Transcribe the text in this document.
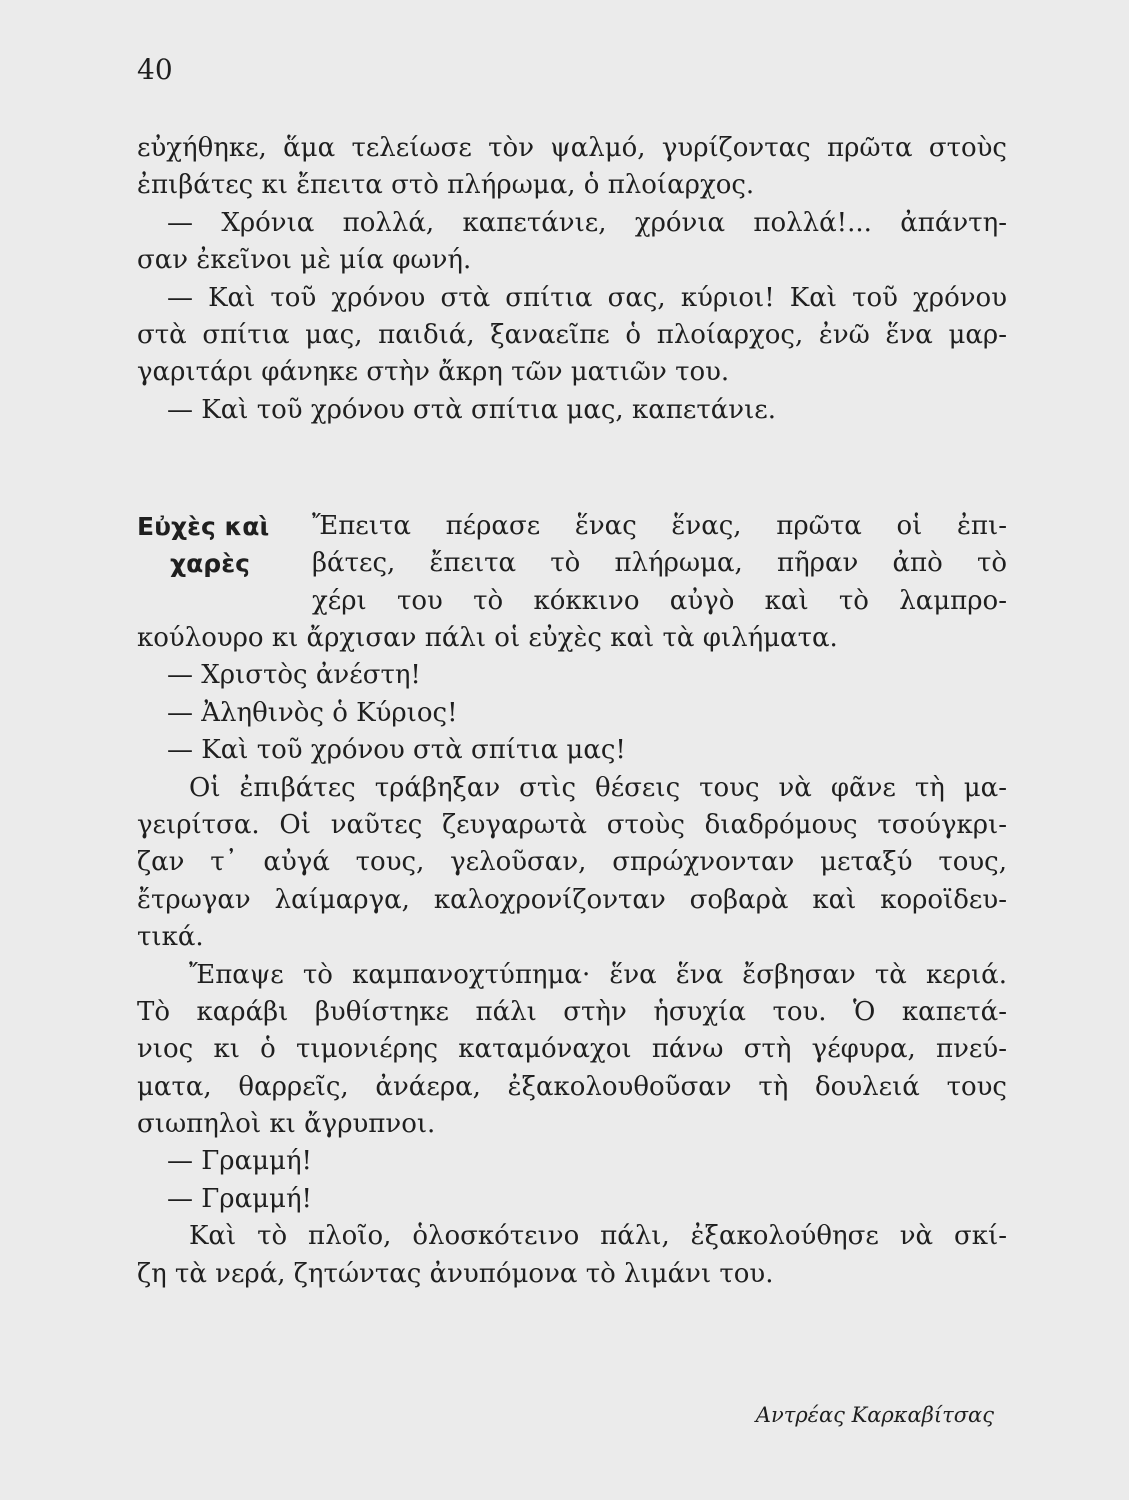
40
εὐχήθηκε, ἅμα τελείωσε τὸν ψαλμό, γυρίζοντας πρῶτα στοὺς
ἐπιβάτες κι ἔπειτα στὸ πλήρωμα, ὁ πλοίαρχος.
— Χρόνια πολλά, καπετάνιε, χρόνια πολλά!... ἀπάντη-
σαν ἐκεῖνοι μὲ μία φωνή.
— Καὶ τοῦ χρόνου στὰ σπίτια σας, κύριοι! Καὶ τοῦ χρόνου
στὰ σπίτια μας, παιδιά, ξαναεῖπε ὁ πλοίαρχος, ἐνῶ ἕνα μαρ-
γαριτάρι φάνηκε στὴν ἄκρη τῶν ματιῶν του.
— Καὶ τοῦ χρόνου στὰ σπίτια μας, καπετάνιε.
Εὐχὲς καὶ
χαρὲς
Ἔπειτα πέρασε ἕνας ἕνας, πρῶτα οἱ ἐπι-
βάτες, ἔπειτα τὸ πλήρωμα, πῆραν ἀπὸ τὸ
χέρι του τὸ κόκκινο αὐγὸ καὶ τὸ λαμπρο-
κούλουρο κι ἄρχισαν πάλι οἱ εὐχὲς καὶ τὰ φιλήματα.
— Χριστὸς ἀνέστη!
— Ἀληθινὸς ὁ Κύριος!
— Καὶ τοῦ χρόνου στὰ σπίτια μας!
Οἱ ἐπιβάτες τράβηξαν στὶς θέσεις τους νὰ φᾶνε τὴ μα-
γειρίτσα. Οἱ ναῦτες ζευγαρωτὰ στοὺς διαδρόμους τσούγκρι-
ζαν τ᾿ αὐγά τους, γελοῦσαν, σπρώχνονταν μεταξύ τους,
ἔτρωγαν λαίμαργα, καλοχρονίζονταν σοβαρὰ καὶ κοροϊδευ-
τικά.
Ἔπαψε τὸ καμπανοχτύπημα· ἕνα ἕνα ἔσβησαν τὰ κεριά.
Τὸ καράβι βυθίστηκε πάλι στὴν ἡσυχία του. Ὁ καπετά-
νιος κι ὁ τιμονιέρης καταμόναχοι πάνω στὴ γέφυρα, πνεύ-
ματα, θαρρεῖς, ἀνάερα, ἐξακολουθοῦσαν τὴ δουλειά τους
σιωπηλοὶ κι ἄγρυπνοι.
— Γραμμή!
— Γραμμή!
Καὶ τὸ πλοῖο, ὁλοσκότεινο πάλι, ἐξακολούθησε νὰ σκί-
ζη τὰ νερά, ζητώντας ἀνυπόμονα τὸ λιμάνι του.
Αντρέας Καρκαβίτσας
